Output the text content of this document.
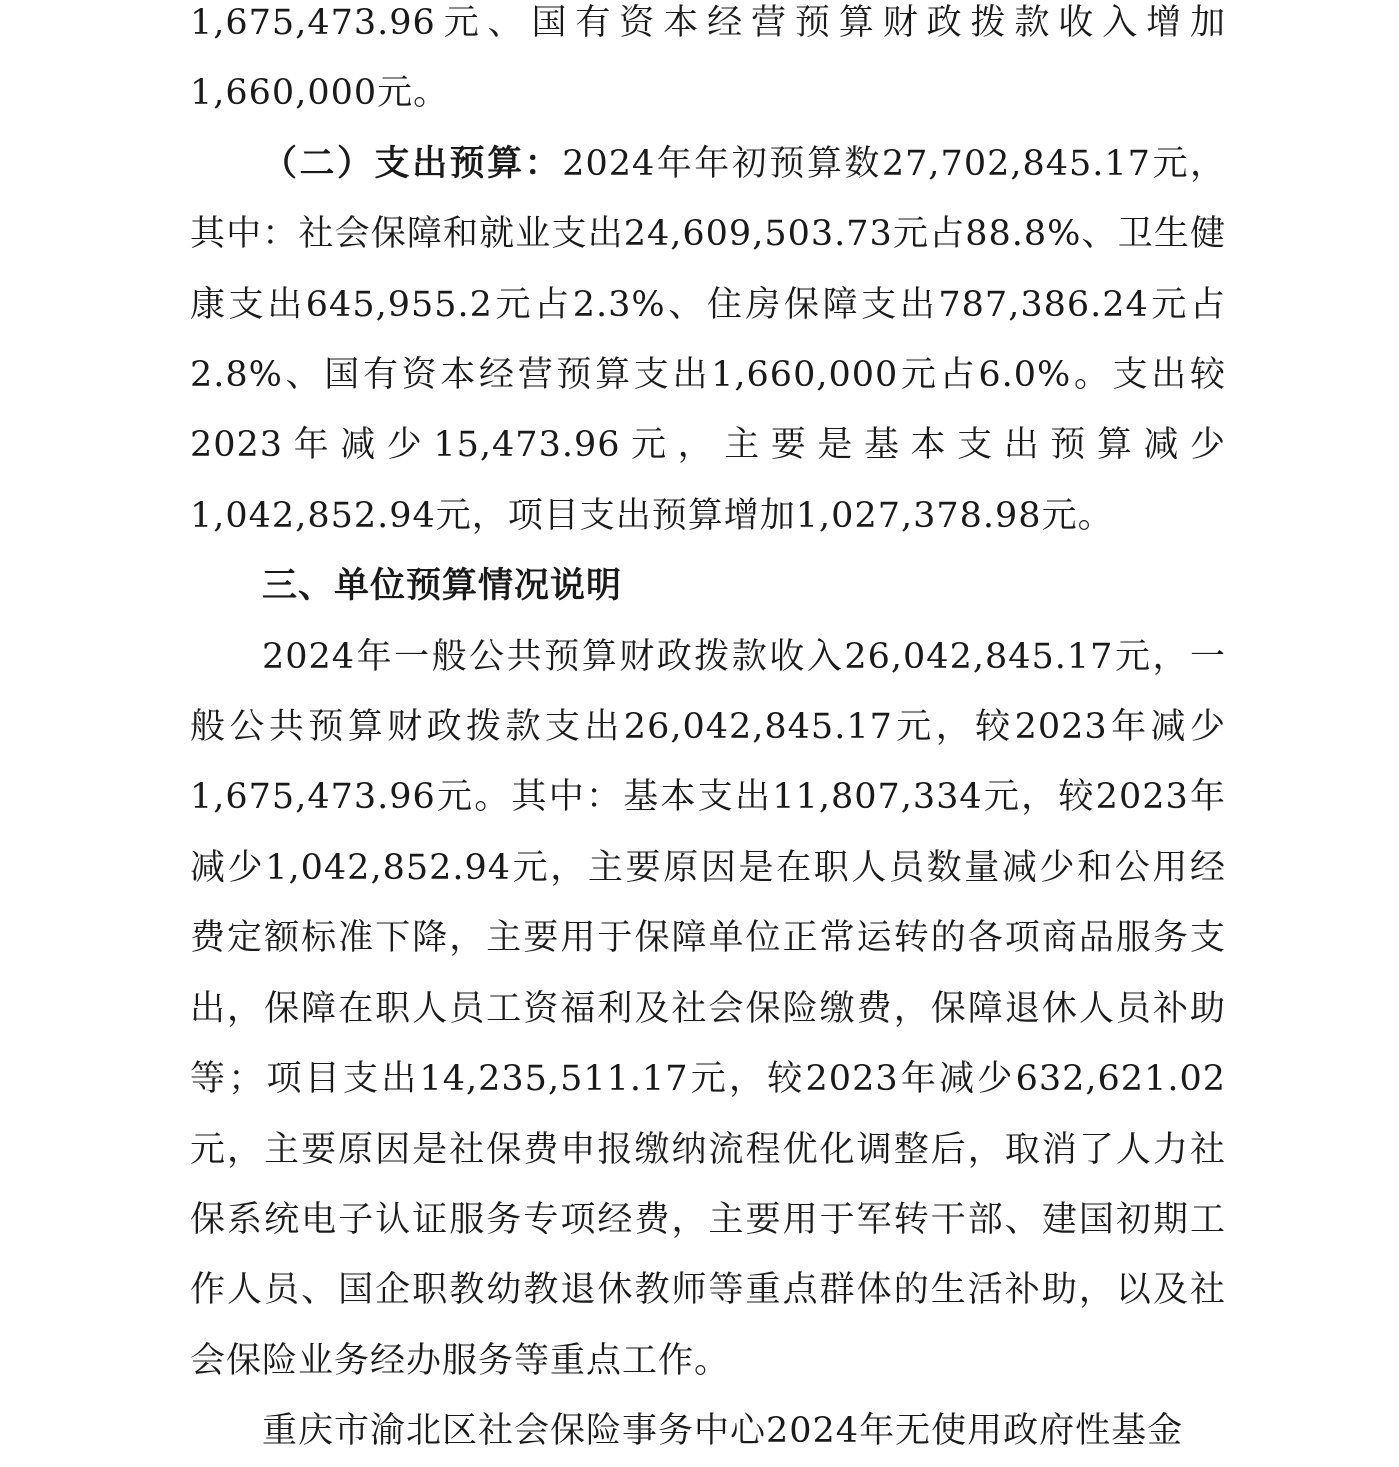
1,675,473.96元、国有资本经营预算财政拨款收入增加1,660,000元。

（二）支出预算：2024年年初预算数27,702,845.17元，其中：社会保障和就业支出24,609,503.73元占88.8%、卫生健康支出645,955.2元占2.3%、住房保障支出787,386.24元占2.8%、国有资本经营预算支出1,660,000元占6.0%。支出较2023年减少15,473.96元，主要是基本支出预算减少1,042,852.94元，项目支出预算增加1,027,378.98元。

三、单位预算情况说明

2024年一般公共预算财政拨款收入26,042,845.17元，一般公共预算财政拨款支出26,042,845.17元，较2023年减少1,675,473.96元。其中：基本支出11,807,334元，较2023年减少1,042,852.94元，主要原因是在职人员数量减少和公用经费定额标准下降，主要用于保障单位正常运转的各项商品服务支出，保障在职人员工资福利及社会保险缴费，保障退休人员补助等；项目支出14,235,511.17元，较2023年减少632,621.02元，主要原因是社保费申报缴纳流程优化调整后，取消了人力社保系统电子认证服务专项经费，主要用于军转干部、建国初期工作人员、国企职教幼教退休教师等重点群体的生活补助，以及社会保险业务经办服务等重点工作。

重庆市渝北区社会保险事务中心2024年无使用政府性基金
